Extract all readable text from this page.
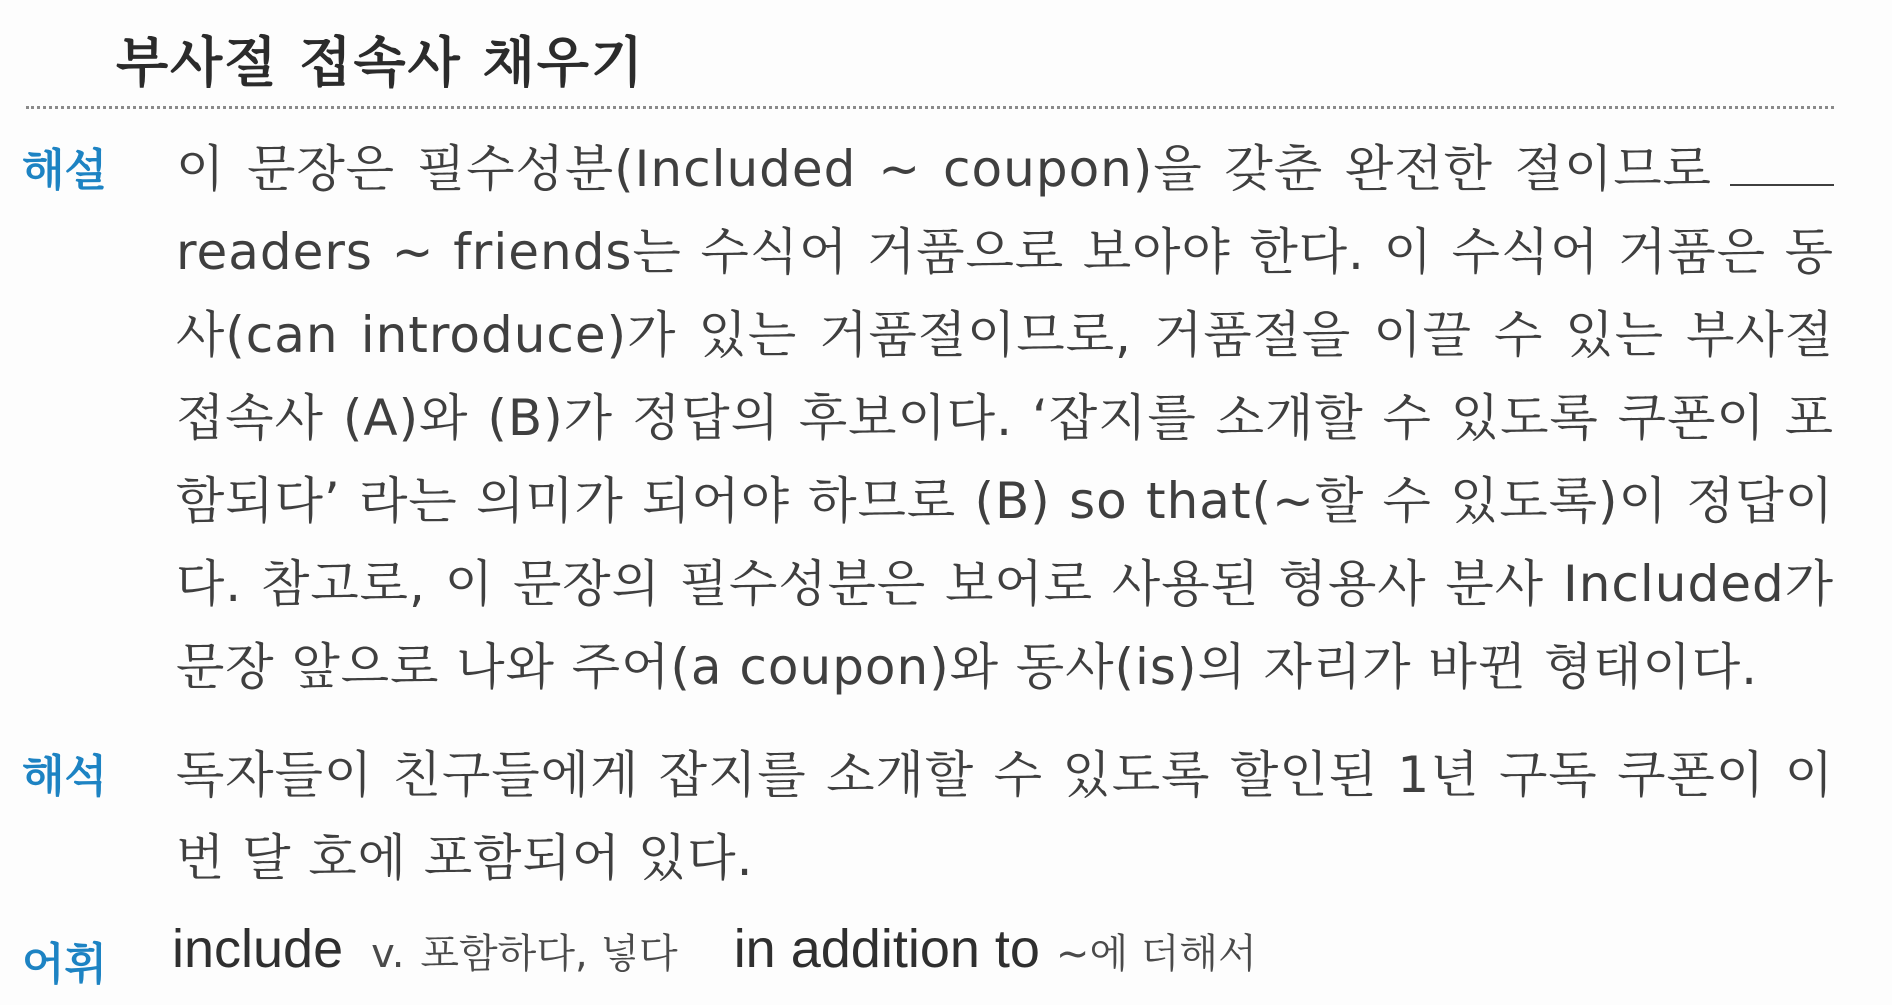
부사절 접속사 채우기
해설 이 문장은 필수성분(Included ~ coupon)을 갖춘 완전한 절이므로 readers ~ friends는 수식어 거품으로 보아야 한다. 이 수식어 거품은 동사(can introduce)가 있는 거품절이므로, 거품절을 이끌 수 있는 부사절 접속사 (A)와 (B)가 정답의 후보이다. ‘잡지를 소개할 수 있도록 쿠폰이 포함되다’ 라는 의미가 되어야 하므로 (B) so that(~할 수 있도록)이 정답이다. 참고로, 이 문장의 필수성분은 보어로 사용된 형용사 분사 Included가 문장 앞으로 나와 주어(a coupon)와 동사(is)의 자리가 바뀐 형태이다.
해석 독자들이 친구들에게 잡지를 소개할 수 있도록 할인된 1년 구독 쿠폰이 이번 달 호에 포함되어 있다.
어휘 include v. 포함하다, 넣다 in addition to ~에 더해서
